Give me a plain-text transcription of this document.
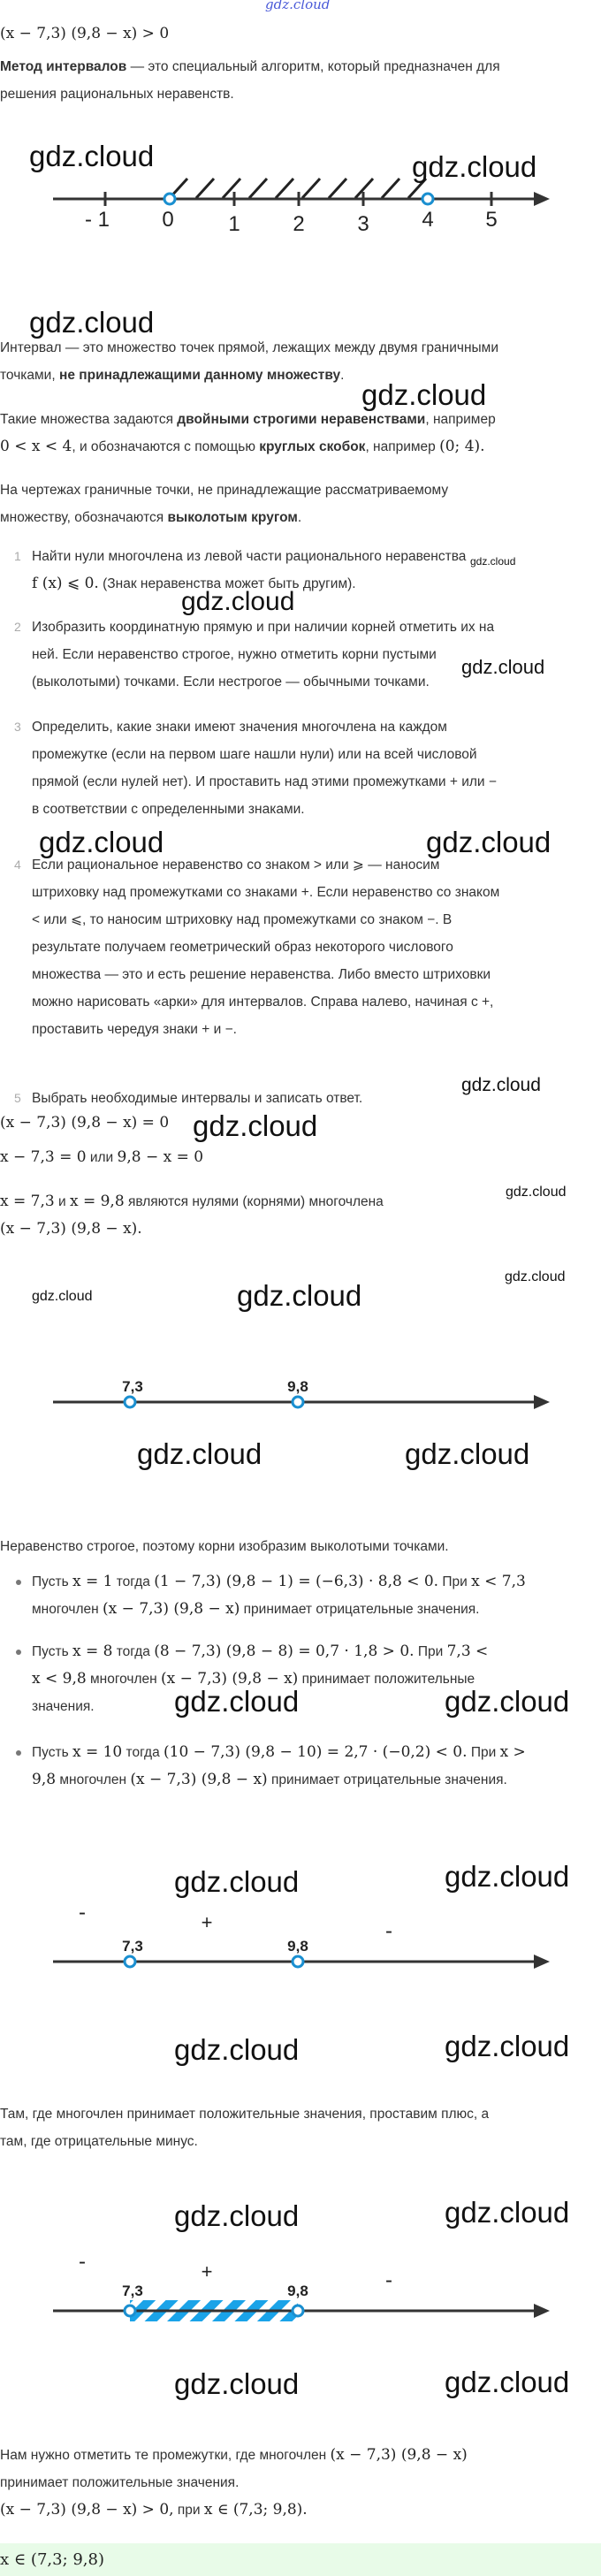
gdz.cloud
(x − 7,3) (9,8 − x) > 0
Метод интервалов — это специальный алгоритм, который предназначен для
решения рациональных неравенств.
- 1 0	1 2 3 4 5
Интервал — это множество точек прямой, лежащих между двумя граничными
точками, не принадлежащими данному множеству.
Такие множества задаются двойными строгими неравенствами, например
0 < x < 4, и обозначаются с помощью круглых скобок, например (0; 4).
На чертежах граничные точки, не принадлежащие рассматриваемому
множеству, обозначаются выколотым кругом.
1 Найти нули многочлена из левой части рационального неравенства
f (x) ⩽ 0. (Знак неравенства может быть другим).
2 Изобразить координатную прямую и при наличии корней отметить их на
ней. Если неравенство строгое, нужно отметить корни пустыми
(выколотыми) точками. Если нестрогое — обычными точками.
3 Определить, какие знаки имеют значения многочлена на каждом
промежутке (если на первом шаге нашли нули) или на всей числовой
прямой (если нулей нет). И проставить над этими промежутками + или −
в соответствии с определенными знаками.
4 Если рациональное неравенство со знаком > или ⩾ — наносим
штриховку над промежутками со знаками +. Если неравенство со знаком
< или ⩽, то наносим штриховку над промежутками со знаком −. В
результате получаем геометрический образ некоторого числового
множества — это и есть решение неравенства. Либо вместо штриховки
можно нарисовать «арки» для интервалов. Справа налево, начиная с +,
проставить чередуя знаки + и −.
5 Выбрать необходимые интервалы и записать ответ.
(x − 7,3) (9,8 − x) = 0
x − 7,3 = 0 или 9,8 − x = 0
x = 7,3 и x = 9,8 являются нулями (корнями) многочлена
(x − 7,3) (9,8 − x).
7,3	9,8
Неравенство строгое, поэтому корни изобразим выколотыми точками.
Пусть x = 1 тогда (1 − 7,3) (9,8 − 1) = (−6,3) · 8,8 < 0. При x < 7,3
многочлен (x − 7,3) (9,8 − x) принимает отрицательные значения.
Пусть x = 8 тогда (8 − 7,3) (9,8 − 8) = 0,7 · 1,8 > 0. При 7,3 <
x < 9,8 многочлен (x − 7,3) (9,8 − x) принимает положительные
значения.
Пусть x = 10 тогда (10 − 7,3) (9,8 − 10) = 2,7 · (−0,2) < 0. При x >
9,8 многочлен (x − 7,3) (9,8 − x) принимает отрицательные значения.
7,3	9,8
-	+	-
Там, где многочлен принимает положительные значения, проставим плюс, а
там, где отрицательные минус.
7,3	9,8
-	+	-
Нам нужно отметить те промежутки, где многочлен (x − 7,3) (9,8 − x)
принимает положительные значения.
(x − 7,3) (9,8 − x) > 0, при x ∈ (7,3; 9,8).
x ∈ (7,3; 9,8)
gdz.cloud	gdz.cloud
gdz.cloud
gdz.cloud
gdz.cloud
gdz.cloud
gdz.cloud
gdz.cloud	gdz.cloud
gdz.cloud
gdz.cloud
gdz.cloud
gdz.cloud
gdz.cloud
gdz.cloud
gdz.cloud	gdz.cloud
gdz.cloud	gdz.cloud
gdz.cloud	gdz.cloud
gdz.cloud	gdz.cloud
gdz.cloud	gdz.cloud
gdz.cloud	gdz.cloud
